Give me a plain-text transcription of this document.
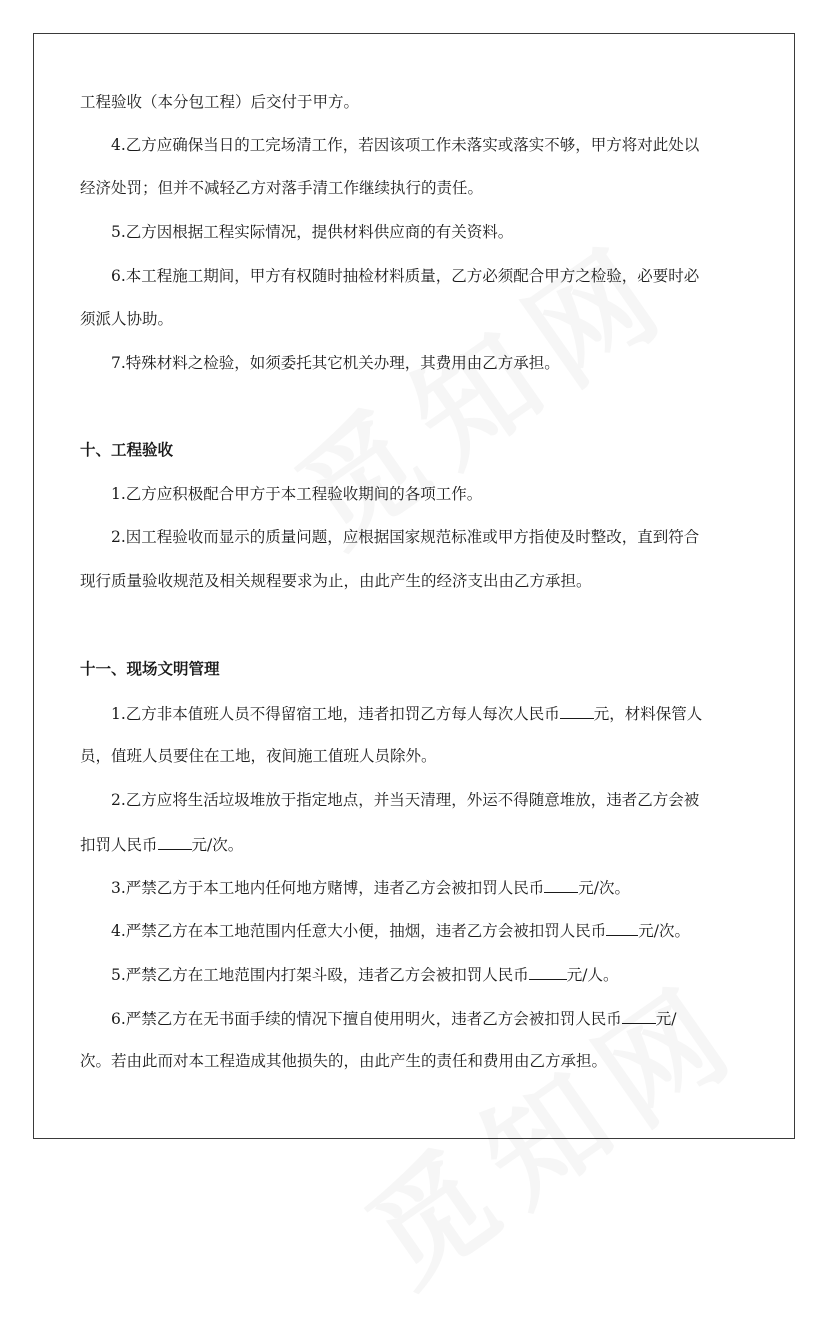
工程验收（本分包工程）后交付于甲方。
4.乙方应确保当日的工完场清工作，若因该项工作未落实或落实不够，甲方将对此处以
经济处罚；但并不减轻乙方对落手清工作继续执行的责任。
5.乙方因根据工程实际情况，提供材料供应商的有关资料。
6.本工程施工期间，甲方有权随时抽检材料质量，乙方必须配合甲方之检验，必要时必
须派人协助。
7.特殊材料之检验，如须委托其它机关办理，其费用由乙方承担。
十、工程验收
1.乙方应积极配合甲方于本工程验收期间的各项工作。
2.因工程验收而显示的质量问题，应根据国家规范标准或甲方指使及时整改，直到符合
现行质量验收规范及相关规程要求为止，由此产生的经济支出由乙方承担。
十一、现场文明管理
1.乙方非本值班人员不得留宿工地，违者扣罚乙方每人每次人民币 元，材料保管人
员，值班人员要住在工地，夜间施工值班人员除外。
2.乙方应将生活垃圾堆放于指定地点，并当天清理，外运不得随意堆放，违者乙方会被
扣罚人民币 元/次。
3.严禁乙方于本工地内任何地方赌博，违者乙方会被扣罚人民币 元/次。
4.严禁乙方在本工地范围内任意大小便，抽烟，违者乙方会被扣罚人民币 元/次。
5.严禁乙方在工地范围内打架斗殴，违者乙方会被扣罚人民币 元/人。
6.严禁乙方在无书面手续的情况下擅自使用明火，违者乙方会被扣罚人民币 元/
次。若由此而对本工程造成其他损失的，由此产生的责任和费用由乙方承担。
